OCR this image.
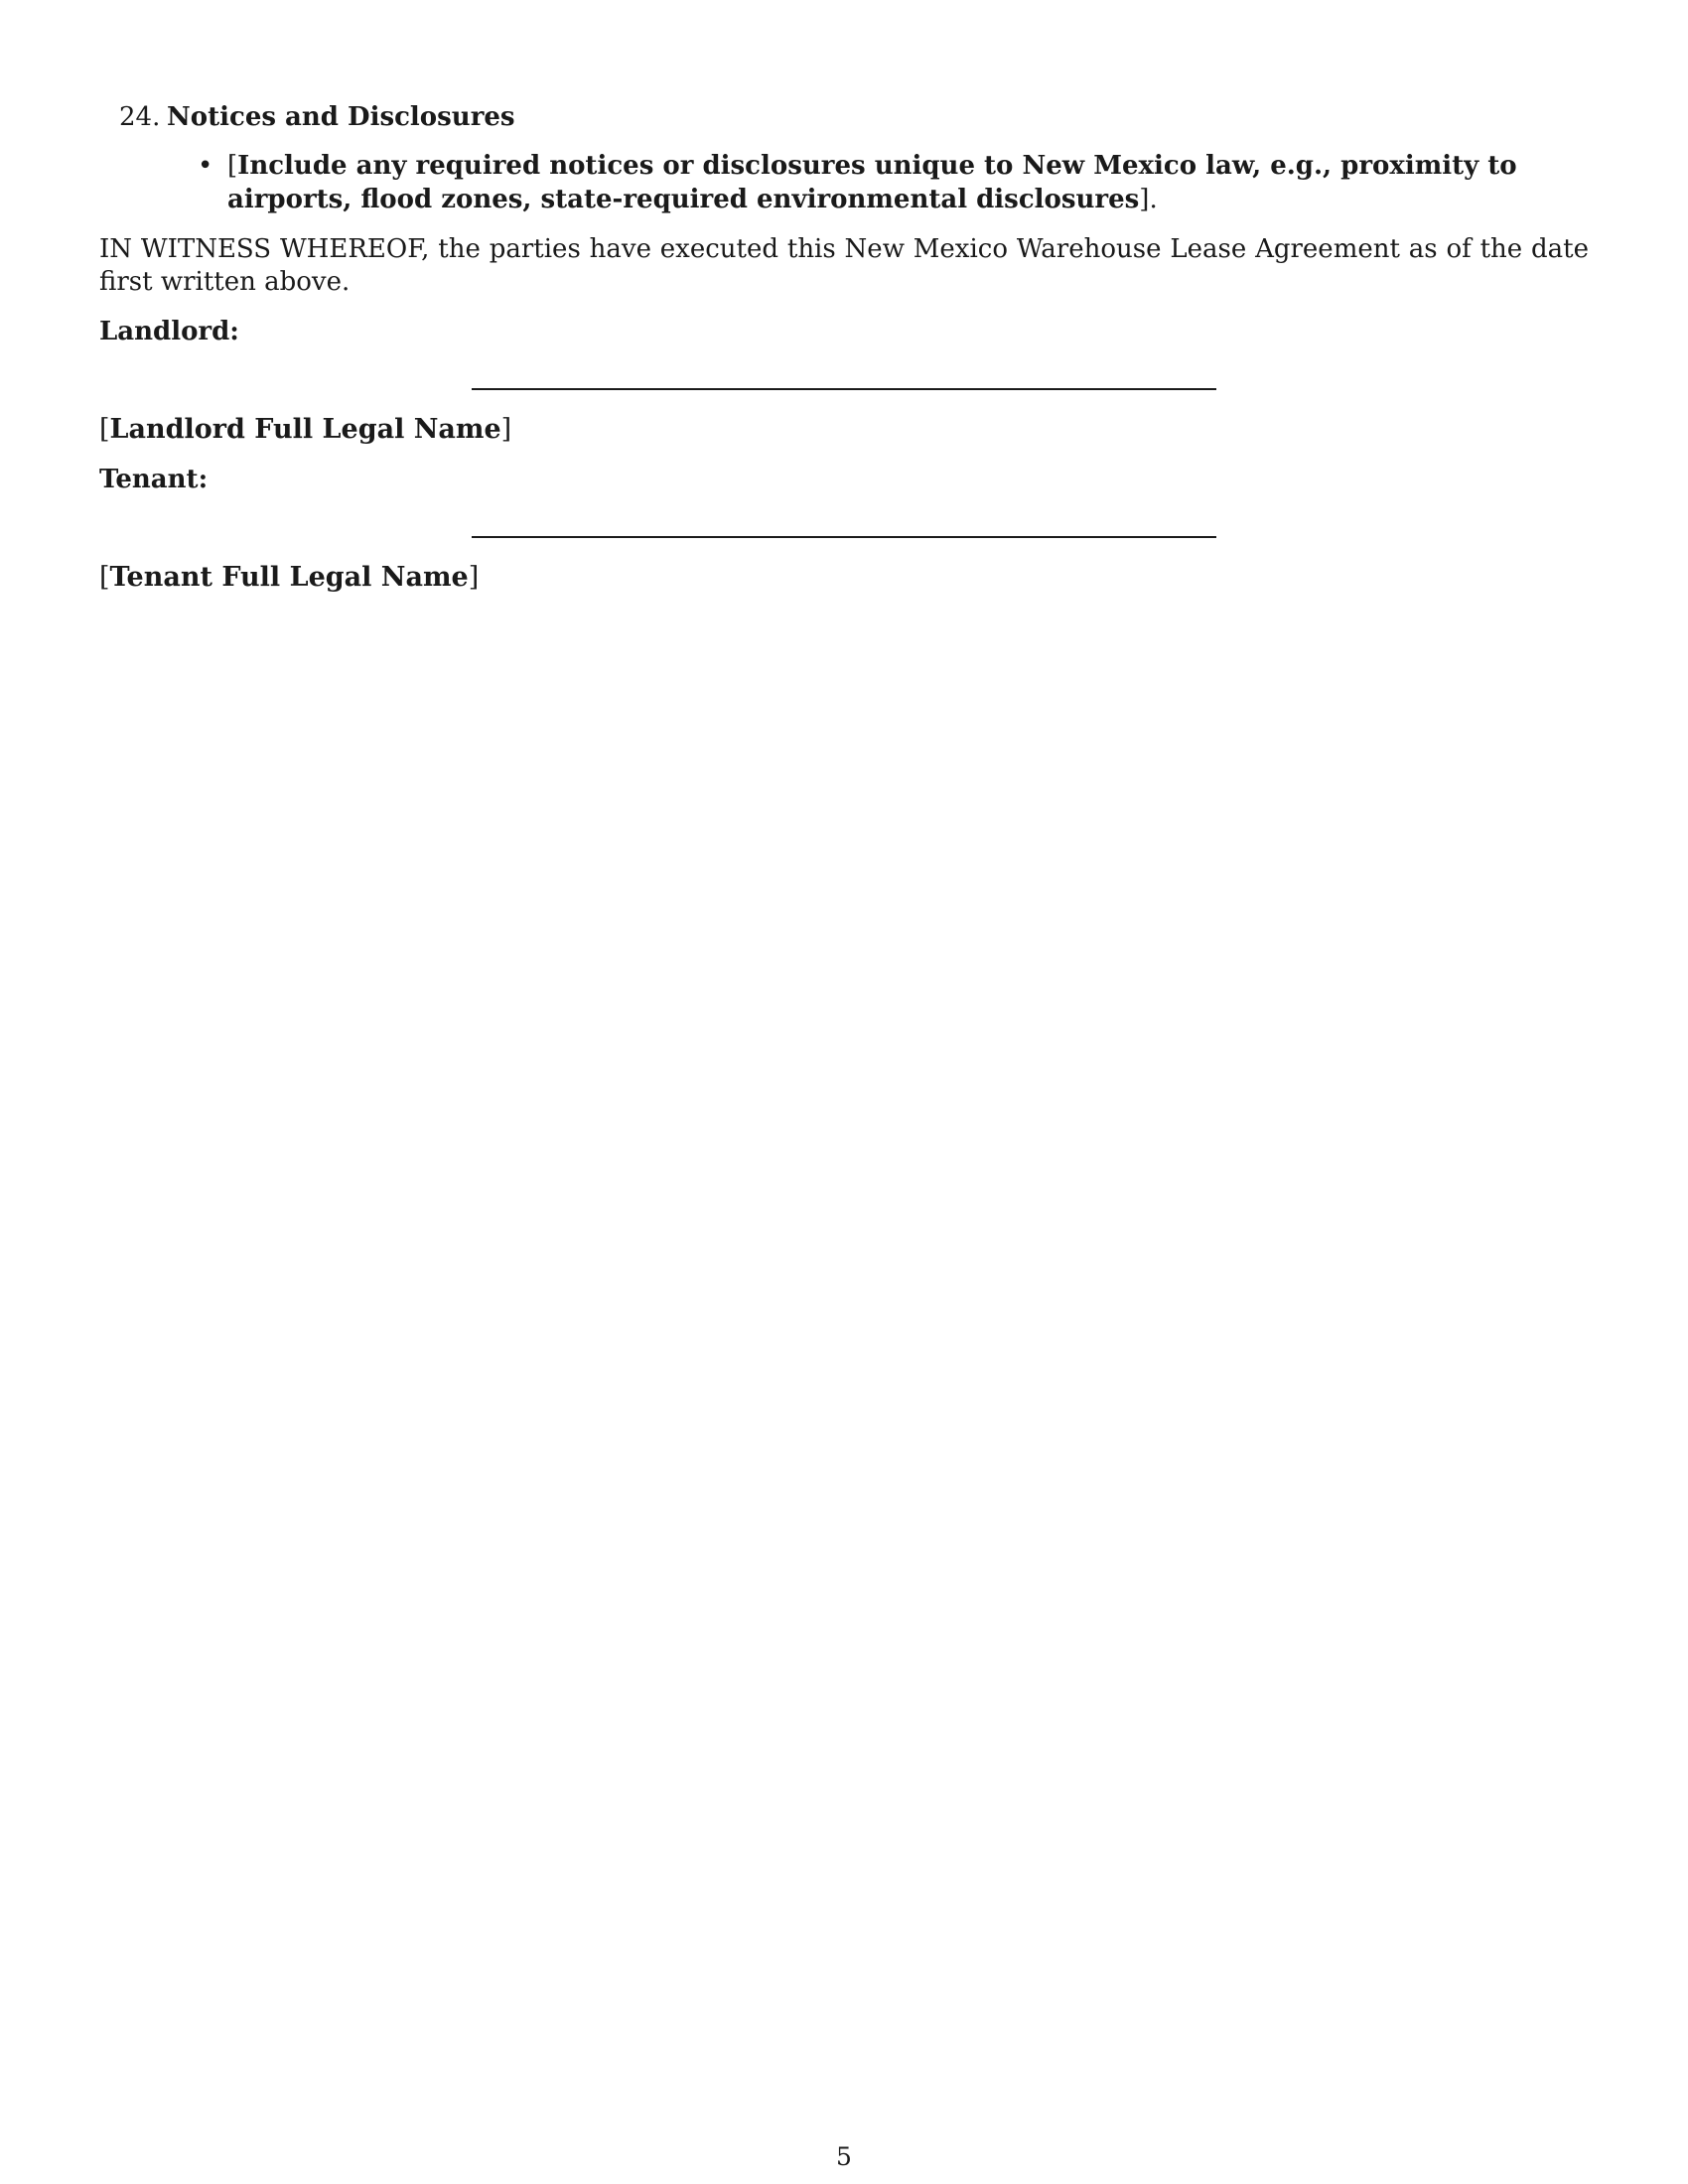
24. Notices and Disclosures
• [Include any required notices or disclosures unique to New Mexico law, e.g., proximity to airports, flood zones, state-required environmental disclosures].
IN WITNESS WHEREOF, the parties have executed this New Mexico Warehouse Lease Agreement as of the date first written above.
Landlord:
[Landlord Full Legal Name]
Tenant:
[Tenant Full Legal Name]
5
